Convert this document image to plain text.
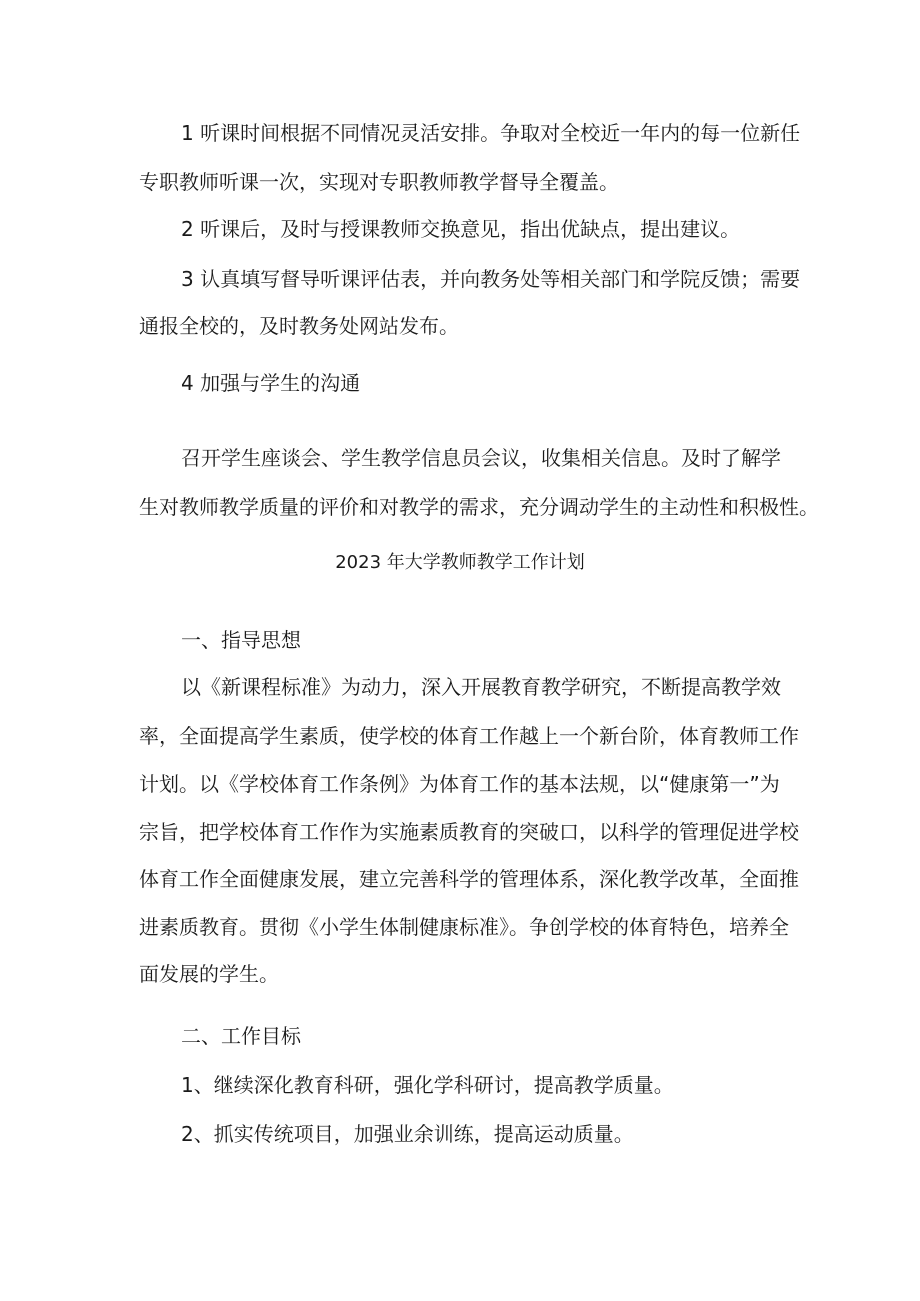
1 听课时间根据不同情况灵活安排。争取对全校近一年内的每一位新任
专职教师听课一次，实现对专职教师教学督导全覆盖。
2 听课后，及时与授课教师交换意见，指出优缺点，提出建议。
3 认真填写督导听课评估表，并向教务处等相关部门和学院反馈；需要
通报全校的，及时教务处网站发布。
4 加强与学生的沟通
召开学生座谈会、学生教学信息员会议，收集相关信息。及时了解学
生对教师教学质量的评价和对教学的需求，充分调动学生的主动性和积极性。
2023 年大学教师教学工作计划
一、指导思想
以《新课程标准》为动力，深入开展教育教学研究，不断提高教学效
率，全面提高学生素质，使学校的体育工作越上一个新台阶，体育教师工作
计划。以《学校体育工作条例》为体育工作的基本法规，以“健康第一”为
宗旨，把学校体育工作作为实施素质教育的突破口，以科学的管理促进学校
体育工作全面健康发展，建立完善科学的管理体系，深化教学改革，全面推
进素质教育。贯彻《小学生体制健康标准》。争创学校的体育特色，培养全
面发展的学生。
二、工作目标
1、继续深化教育科研，强化学科研讨，提高教学质量。
2、抓实传统项目，加强业余训练，提高运动质量。
